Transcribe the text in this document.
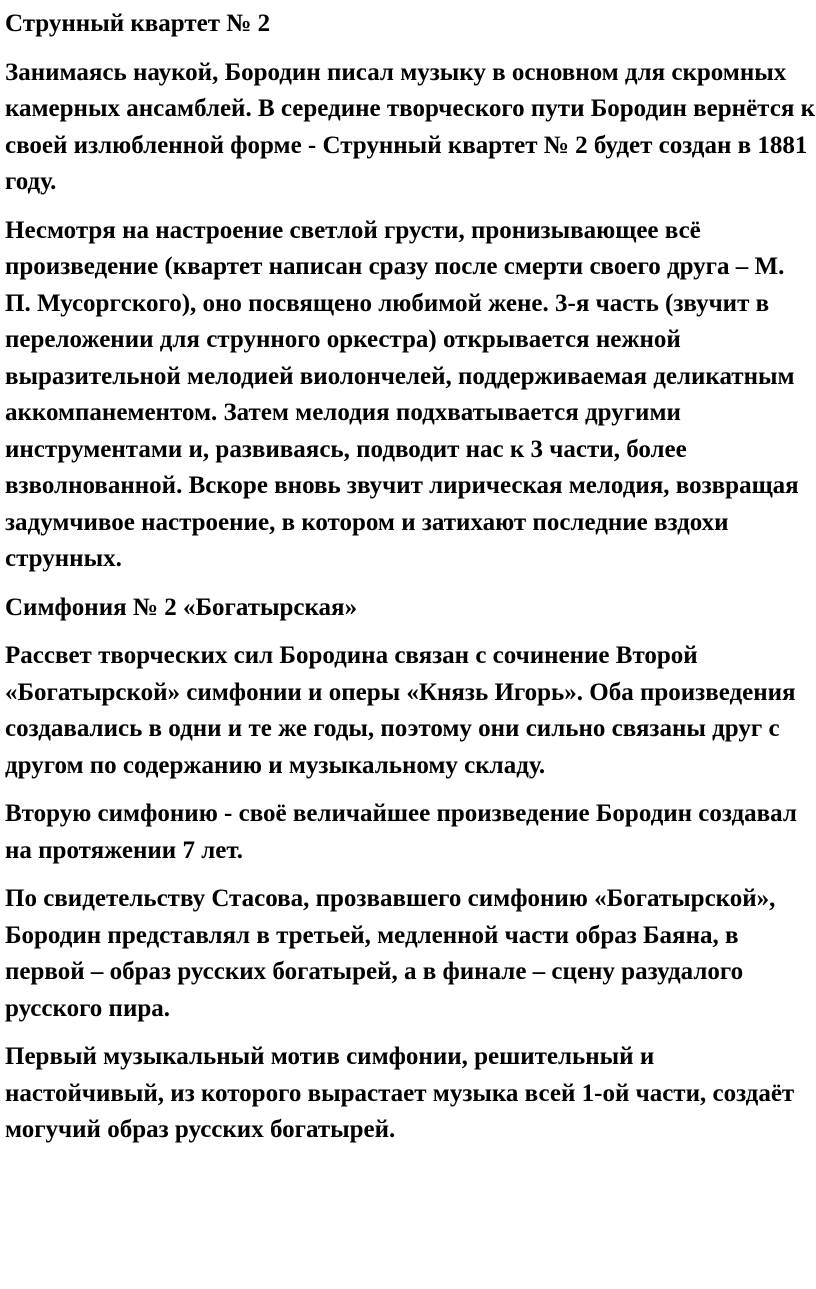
Струнный квартет № 2

Занимаясь наукой, Бородин писал музыку в основном для скромных камерных ансамблей. В середине творческого пути Бородин вернётся к своей излюбленной форме - Струнный квартет № 2 будет создан в 1881 году.

Несмотря на настроение светлой грусти, пронизывающее всё произведение (квартет написан сразу после смерти своего друга – М. П. Мусоргского), оно посвящено любимой жене. 3-я часть (звучит в переложении для струнного оркестра) открывается нежной выразительной мелодией виолончелей, поддерживаемая деликатным аккомпанементом. Затем мелодия подхватывается другими инструментами и, развиваясь, подводит нас к 3 части, более взволнованной. Вскоре вновь звучит лирическая мелодия, возвращая задумчивое настроение, в котором и затихают последние вздохи струнных.

Симфония № 2 «Богатырская»

Рассвет творческих сил Бородина связан с сочинение Второй «Богатырской» симфонии и оперы «Князь Игорь». Оба произведения создавались в одни и те же годы, поэтому они сильно связаны друг с другом по содержанию и музыкальному складу.

Вторую симфонию - своё величайшее произведение Бородин создавал на протяжении 7 лет.

По свидетельству Стасова, прозвавшего симфонию «Богатырской», Бородин представлял в третьей, медленной части образ Баяна, в первой – образ русских богатырей, а в финале – сцену разудалого русского пира.

Первый музыкальный мотив симфонии, решительный и настойчивый, из которого вырастает музыка всей 1-ой части, создаёт могучий образ русских богатырей.
